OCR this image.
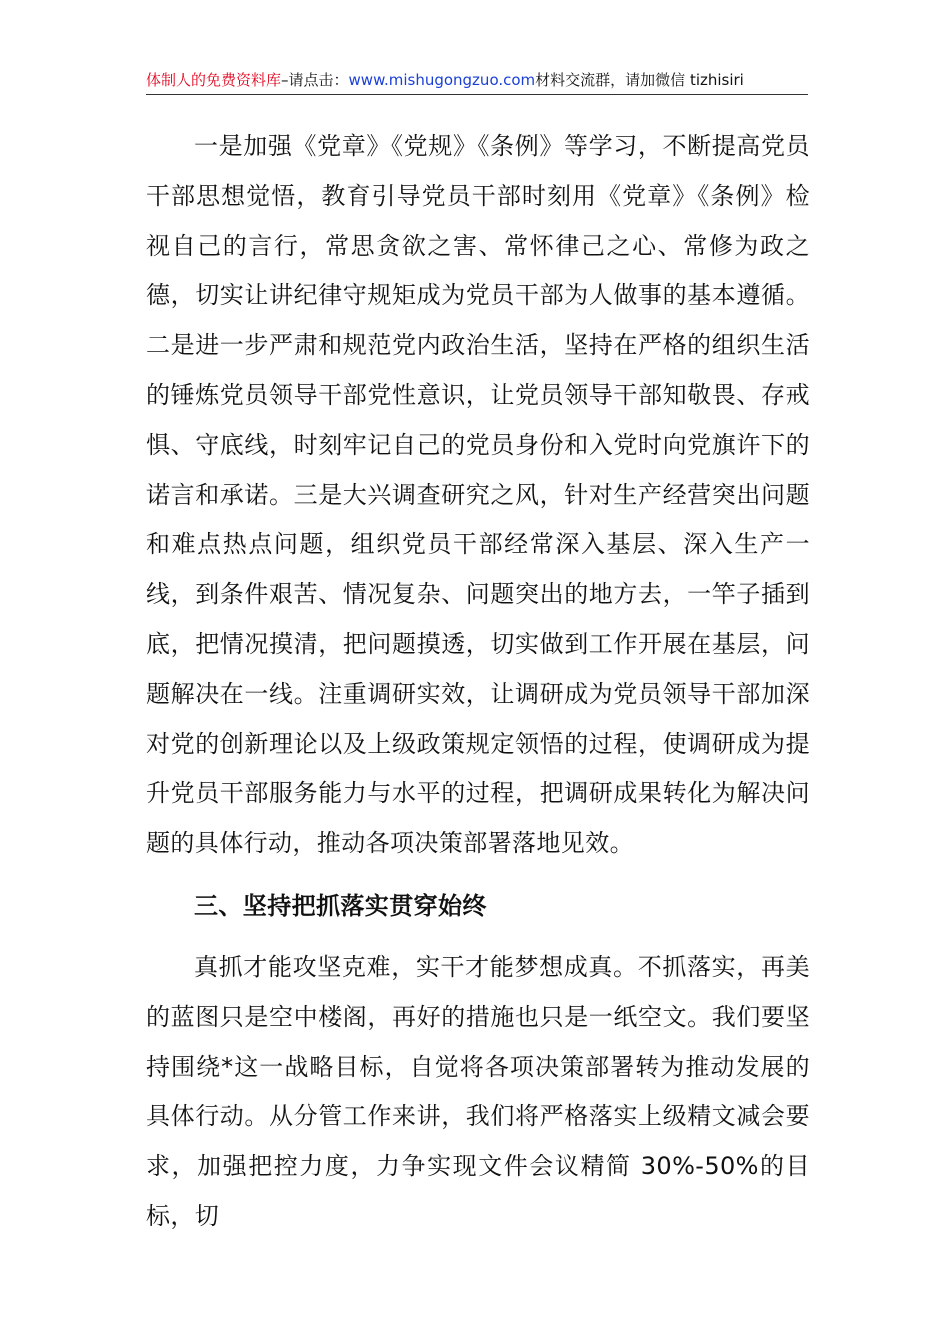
体制人的免费资料库–请点击：www.mishugongzuo.com材料交流群，请加微信 tizhisiri

一是加强《党章》《党规》《条例》等学习，不断提高党员干部思想觉悟，教育引导党员干部时刻用《党章》《条例》检视自己的言行，常思贪欲之害、常怀律己之心、常修为政之德，切实让讲纪律守规矩成为党员干部为人做事的基本遵循。二是进一步严肃和规范党内政治生活，坚持在严格的组织生活的锤炼党员领导干部党性意识，让党员领导干部知敬畏、存戒惧、守底线，时刻牢记自己的党员身份和入党时向党旗许下的诺言和承诺。三是大兴调查研究之风，针对生产经营突出问题和难点热点问题，组织党员干部经常深入基层、深入生产一线，到条件艰苦、情况复杂、问题突出的地方去，一竿子插到底，把情况摸清，把问题摸透，切实做到工作开展在基层，问题解决在一线。注重调研实效，让调研成为党员领导干部加深对党的创新理论以及上级政策规定领悟的过程，使调研成为提升党员干部服务能力与水平的过程，把调研成果转化为解决问题的具体行动，推动各项决策部署落地见效。

三、坚持把抓落实贯穿始终

真抓才能攻坚克难，实干才能梦想成真。不抓落实，再美的蓝图只是空中楼阁，再好的措施也只是一纸空文。我们要坚持围绕*这一战略目标，自觉将各项决策部署转为推动发展的具体行动。从分管工作来讲，我们将严格落实上级精文减会要求，加强把控力度，力争实现文件会议精简 30%-50%的目标，切
